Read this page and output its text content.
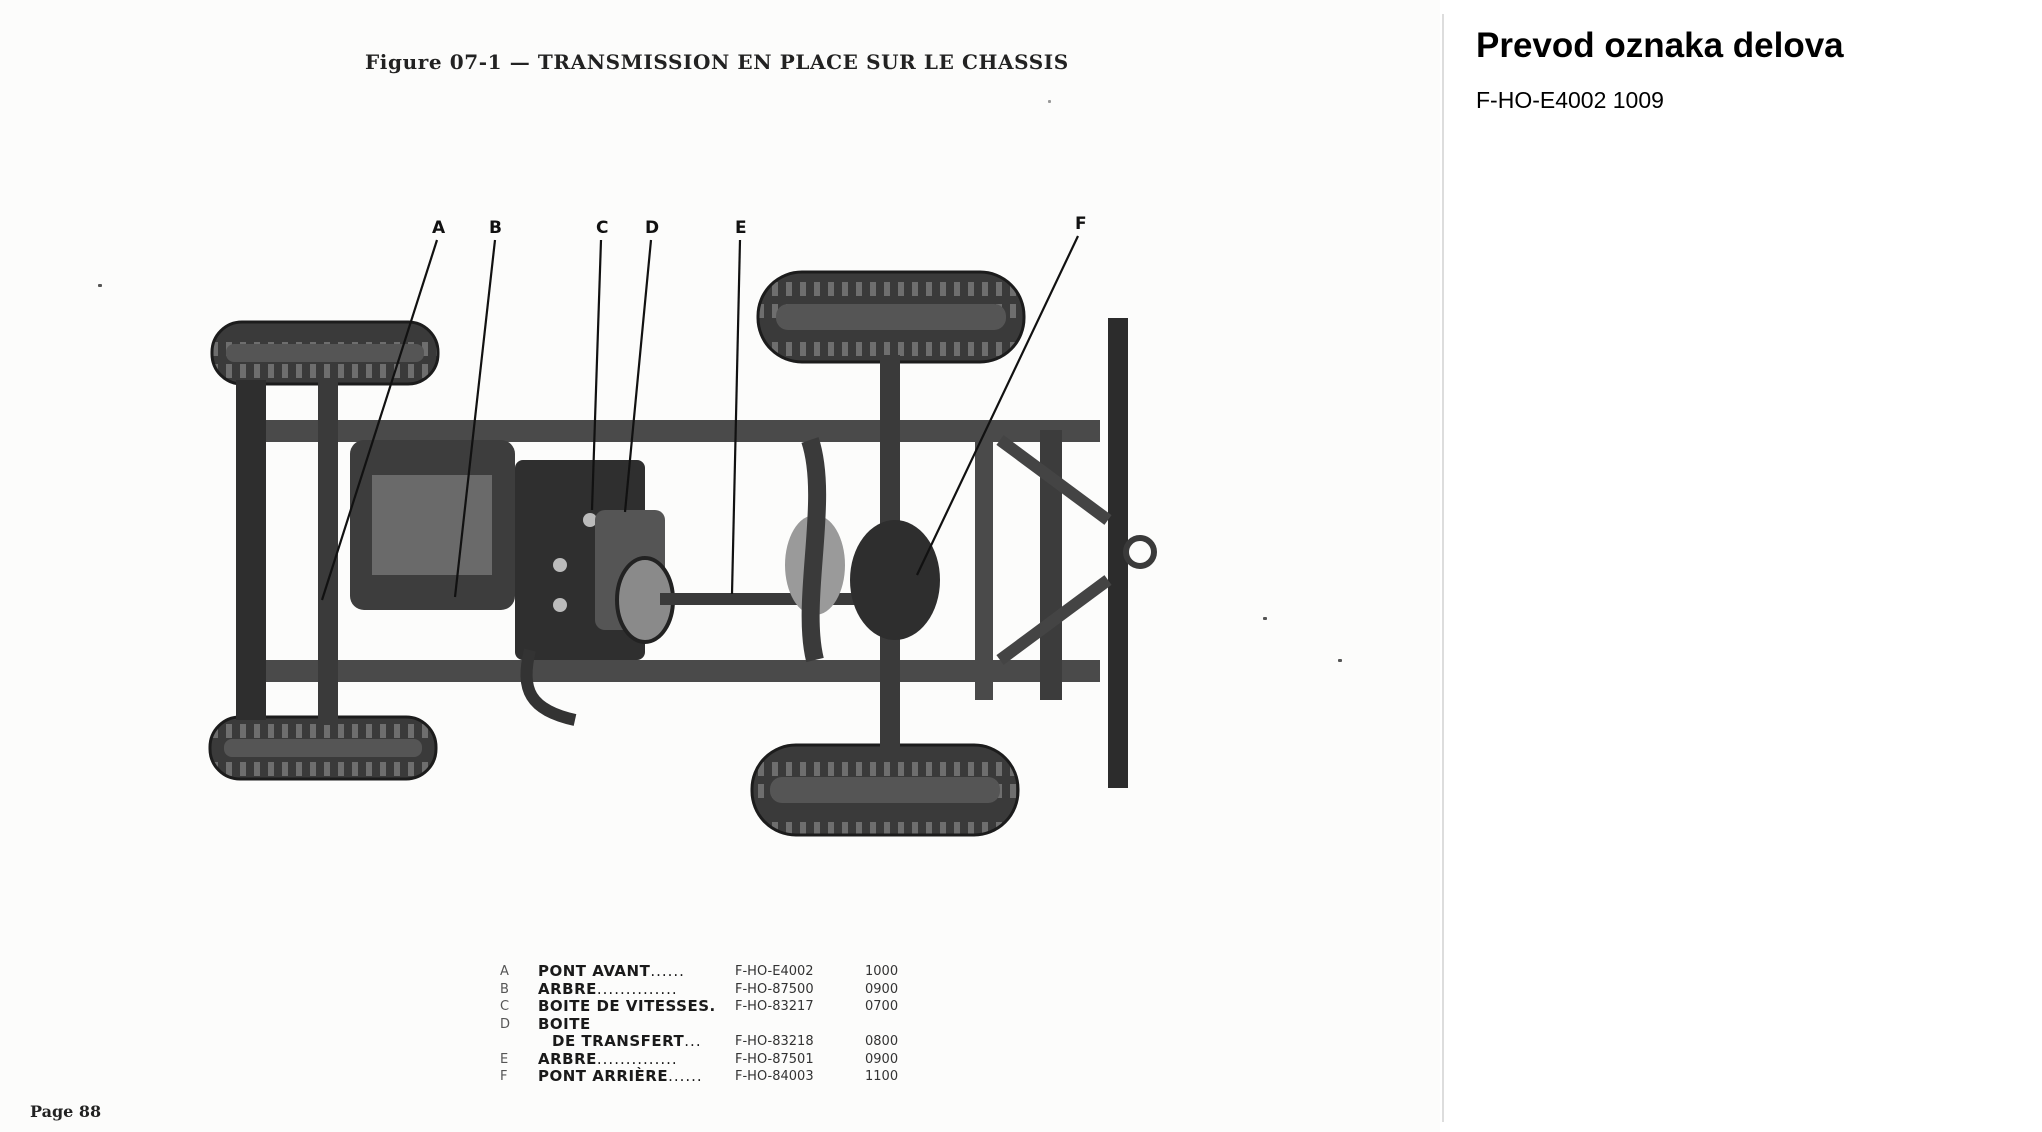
Figure 07-1 — TRANSMISSION EN PLACE SUR LE CHASSIS
A	B	C D	E	F
A	PONT AVANT......	F-HO-E4002	1000
B	ARBRE..............	F-HO-87500	0900
C	BOITE DE VITESSES. F-HO-83217	0700
D	BOITE
DE TRANSFERT...	F-HO-83218	0800
E	ARBRE..............	F-HO-87501	0900
F	PONT ARRIÈRE...... F-HO-84003	1100
Page 88
Prevod oznaka delova
F-HO-E4002 1009
